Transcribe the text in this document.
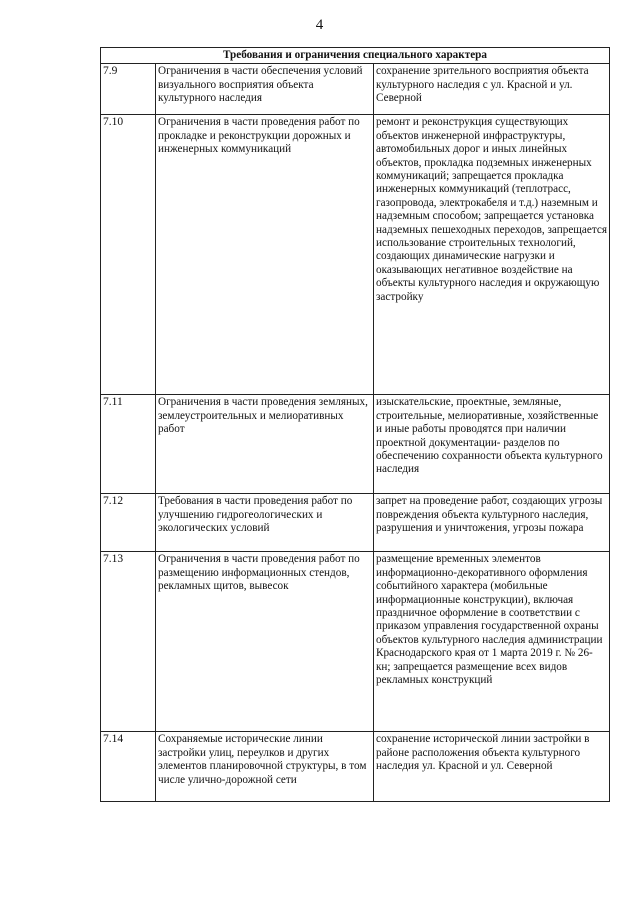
4
Требования и ограничения специального характера		
7.9	Ограничения в части обеспечения условий визуального восприятия объекта культурного наследия	сохранение зрительного восприятия объекта культурного наследия с ул. Красной и ул. Северной
7.10	Ограничения в части проведения работ по прокладке и реконструкции дорожных и инженерных коммуникаций	ремонт и реконструкция существующих объектов инженерной инфраструктуры, автомобильных дорог и иных линейных объектов, прокладка подземных инженерных коммуникаций; запрещается прокладка инженерных коммуникаций (теплотрасс, газопровода, электрокабеля и т.д.) наземным и надземным способом; запрещается установка надземных пешеходных переходов, запрещается использование строительных технологий, создающих динамические нагрузки и оказывающих негативное воздействие на объекты культурного наследия и окружающую застройку
7.11	Ограничения в части проведения земляных, землеустроительных и мелиоративных работ	изыскательские, проектные, земляные, строительные, мелиоративные, хозяйственные и иные работы проводятся при наличии проектной документации- разделов по обеспечению сохранности объекта культурного наследия
7.12	Требования в части проведения работ по улучшению гидрогеологических и экологических условий	запрет на проведение работ, создающих угрозы повреждения объекта культурного наследия, разрушения и уничтожения, угрозы пожара
7.13	Ограничения в части проведения работ по размещению информационных стендов, рекламных щитов, вывесок	размещение временных элементов информационно-декоративного оформления событийного характера (мобильные информационные конструкции), включая праздничное оформление в соответствии с приказом управления государственной охраны объектов культурного наследия администрации Краснодарского края от 1 марта 2019 г. № 26-кн; запрещается размещение всех видов рекламных конструкций
7.14	Сохраняемые исторические линии застройки улиц, переулков и других элементов планировочной структуры, в том числе улично-дорожной сети	сохранение исторической линии застройки в районе расположения объекта культурного наследия ул. Красной и ул. Северной
